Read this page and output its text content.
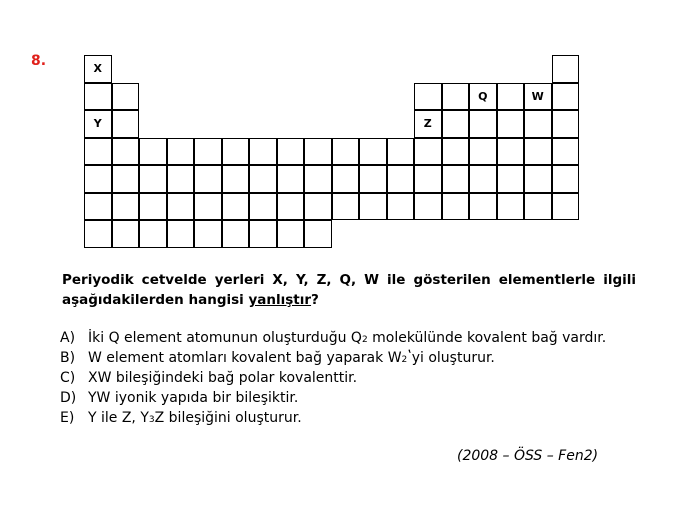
8.	X
Q	W
Y	Z
Periyodik cetvelde yerleri X, Y, Z, Q, W ile gösterilen elementlerle ilgili aşağıdakilerden hangisi yanlıştır?
A) İki Q element atomunun oluşturduğu Q2 molekülünde kovalent bağ vardır.
B) W element atomları kovalent bağ yaparak W2ʽyi oluşturur.
C) XW bileşiğindeki bağ polar kovalenttir.
D) YW iyonik yapıda bir bileşiktir.
E) Y ile Z, Y3Z bileşiğini oluşturur.
(2008 – ÖSS – Fen2)
